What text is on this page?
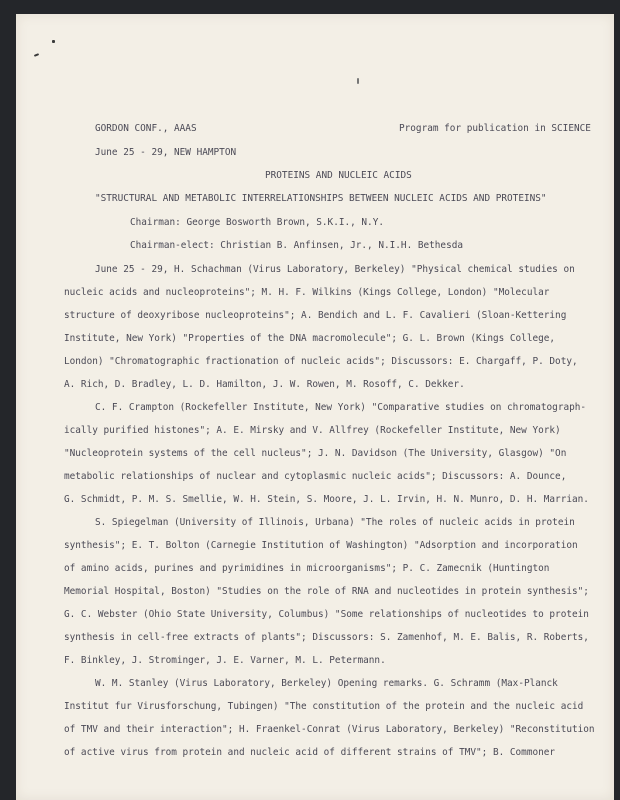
GORDON CONF., AAAS	Program for publication in SCIENCE
June 25 - 29, NEW HAMPTON
PROTEINS AND NUCLEIC ACIDS
"STRUCTURAL AND METABOLIC INTERRELATIONSHIPS BETWEEN NUCLEIC ACIDS AND PROTEINS"
Chairman: George Bosworth Brown, S.K.I., N.Y.
Chairman-elect: Christian B. Anfinsen, Jr., N.I.H. Bethesda
June 25 - 29, H. Schachman (Virus Laboratory, Berkeley) "Physical chemical studies on
nucleic acids and nucleoproteins"; M. H. F. Wilkins (Kings College, London) "Molecular
structure of deoxyribose nucleoproteins"; A. Bendich and L. F. Cavalieri (Sloan-Kettering
Institute, New York) "Properties of the DNA macromolecule"; G. L. Brown (Kings College,
London) "Chromatographic fractionation of nucleic acids"; Discussors: E. Chargaff, P. Doty,
A. Rich, D. Bradley, L. D. Hamilton, J. W. Rowen, M. Rosoff, C. Dekker.
C. F. Crampton (Rockefeller Institute, New York) "Comparative studies on chromatograph-
ically purified histones"; A. E. Mirsky and V. Allfrey (Rockefeller Institute, New York)
"Nucleoprotein systems of the cell nucleus"; J. N. Davidson (The University, Glasgow) "On
metabolic relationships of nuclear and cytoplasmic nucleic acids"; Discussors: A. Dounce,
G. Schmidt, P. M. S. Smellie, W. H. Stein, S. Moore, J. L. Irvin, H. N. Munro, D. H. Marrian.
S. Spiegelman (University of Illinois, Urbana) "The roles of nucleic acids in protein
synthesis"; E. T. Bolton (Carnegie Institution of Washington) "Adsorption and incorporation
of amino acids, purines and pyrimidines in microorganisms"; P. C. Zamecnik (Huntington
Memorial Hospital, Boston) "Studies on the role of RNA and nucleotides in protein synthesis";
G. C. Webster (Ohio State University, Columbus) "Some relationships of nucleotides to protein
synthesis in cell-free extracts of plants"; Discussors: S. Zamenhof, M. E. Balis, R. Roberts,
F. Binkley, J. Strominger, J. E. Varner, M. L. Petermann.
W. M. Stanley (Virus Laboratory, Berkeley) Opening remarks. G. Schramm (Max-Planck
Institut fur Virusforschung, Tubingen) "The constitution of the protein and the nucleic acid
of TMV and their interaction"; H. Fraenkel-Conrat (Virus Laboratory, Berkeley) "Reconstitution
of active virus from protein and nucleic acid of different strains of TMV"; B. Commoner
